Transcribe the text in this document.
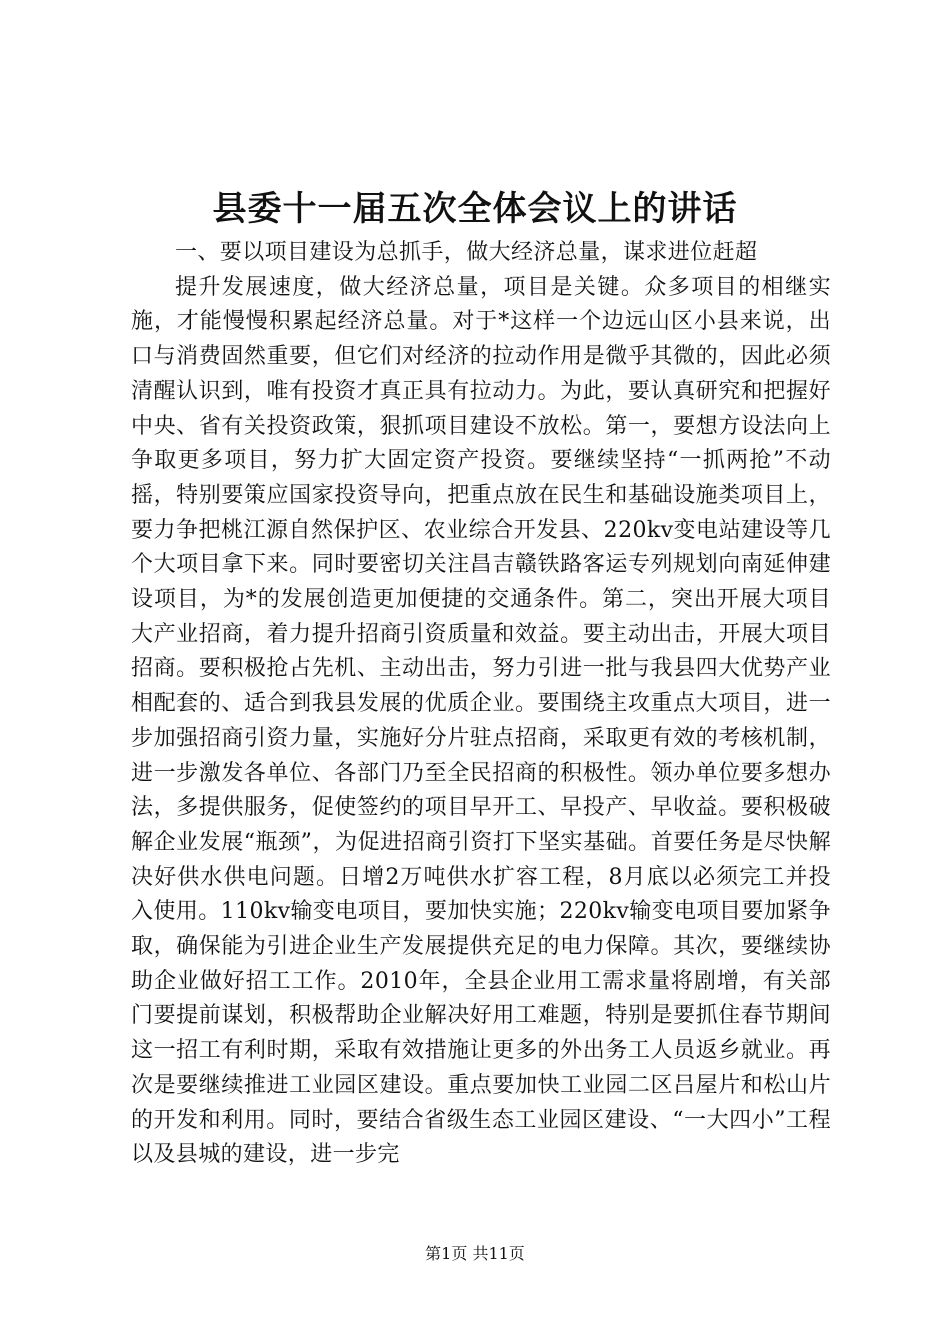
县委十一届五次全体会议上的讲话

一、要以项目建设为总抓手，做大经济总量，谋求进位赶超

提升发展速度，做大经济总量，项目是关键。众多项目的相继实施，才能慢慢积累起经济总量。对于*这样一个边远山区小县来说，出口与消费固然重要，但它们对经济的拉动作用是微乎其微的，因此必须清醒认识到，唯有投资才真正具有拉动力。为此，要认真研究和把握好中央、省有关投资政策，狠抓项目建设不放松。第一，要想方设法向上争取更多项目，努力扩大固定资产投资。要继续坚持“一抓两抢”不动摇，特别要策应国家投资导向，把重点放在民生和基础设施类项目上，要力争把桃江源自然保护区、农业综合开发县、220kv变电站建设等几个大项目拿下来。同时要密切关注昌吉赣铁路客运专列规划向南延伸建设项目，为*的发展创造更加便捷的交通条件。第二，突出开展大项目大产业招商，着力提升招商引资质量和效益。要主动出击，开展大项目招商。要积极抢占先机、主动出击，努力引进一批与我县四大优势产业相配套的、适合到我县发展的优质企业。要围绕主攻重点大项目，进一步加强招商引资力量，实施好分片驻点招商，采取更有效的考核机制，进一步激发各单位、各部门乃至全民招商的积极性。领办单位要多想办法，多提供服务，促使签约的项目早开工、早投产、早收益。要积极破解企业发展“瓶颈”，为促进招商引资打下坚实基础。首要任务是尽快解决好供水供电问题。日增2万吨供水扩容工程，8月底以必须完工并投入使用。110kv输变电项目，要加快实施；220kv输变电项目要加紧争取，确保能为引进企业生产发展提供充足的电力保障。其次，要继续协助企业做好招工工作。2010年，全县企业用工需求量将剧增，有关部门要提前谋划，积极帮助企业解决好用工难题，特别是要抓住春节期间这一招工有利时期，采取有效措施让更多的外出务工人员返乡就业。再次是要继续推进工业园区建设。重点要加快工业园二区吕屋片和松山片的开发和利用。同时，要结合省级生态工业园区建设、“一大四小”工程以及县城的建设，进一步完

第1页 共11页
